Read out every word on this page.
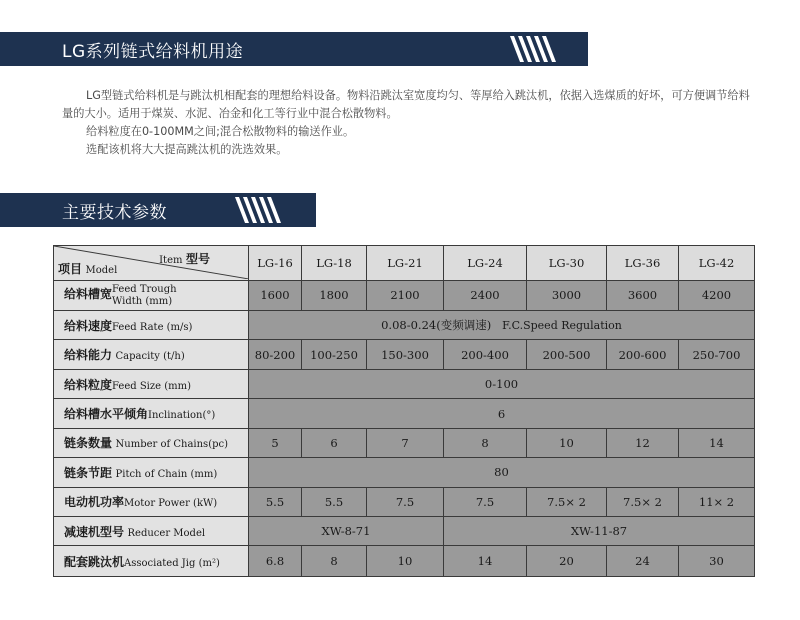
LG系列链式给料机用途

LG型链式给料机是与跳汰机相配套的理想给料设备。物料沿跳汰室宽度均匀、等厚给入跳汰机，依据入选煤质的好坏，可方便调节给料量的大小。适用于煤炭、水泥、冶金和化工等行业中混合松散物料。

给料粒度在0-100MM之间;混合松散物料的输送作业。

选配该机将大大提高跳汰机的洗选效果。

主要技术参数
Item 型号
项目 Model	LG-16	LG-18	LG-21	LG-24	LG-30	LG-36	LG-42
给料槽宽Feed Trough
Width (mm)	1600	1800	2100	2400	3000	3600	4200
给料速度Feed Rate (m/s)	0.08-0.24(变频调速) F.C.Speed Regulation						
给料能力 Capacity (t/h)	80-200	100-250	150-300	200-400	200-500	200-600	250-700
给料粒度Feed Size (mm)	0-100						
给料槽水平倾角Inclination(°)	6						
链条数量 Number of Chains(pc)	5	6	7	8	10	12	14
链条节距 Pitch of Chain (mm)	80						
电动机功率Motor Power (kW)	5.5	5.5	7.5	7.5	7.5× 2	7.5× 2	11× 2
减速机型号 Reducer Model	XW-8-71			XW-11-87			
配套跳汰机Associated Jig (m²)	6.8	8	10	14	20	24	30
